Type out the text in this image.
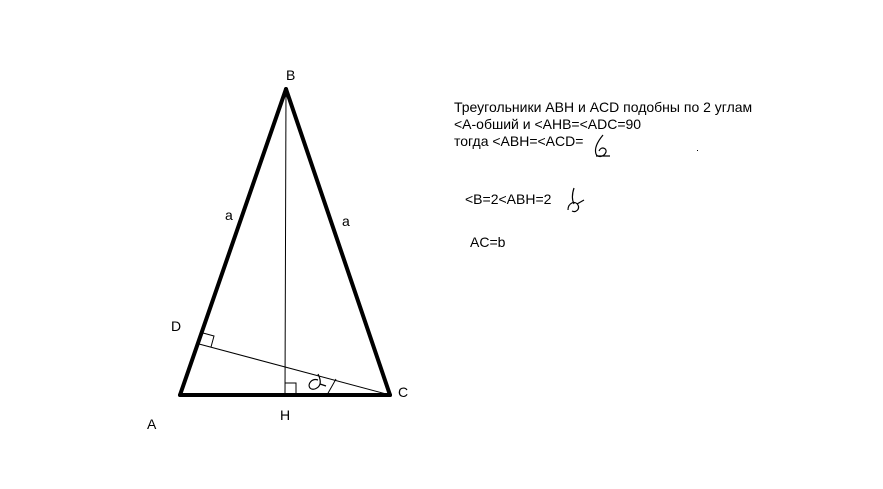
B
A
C
D
H
a	a
Треугольники ABH и ACD подобны по 2 углам
<A-обший и <AHB=<ADC=90
тогда <ABH=<ACD=
<B=2<ABH=2
AC=b
